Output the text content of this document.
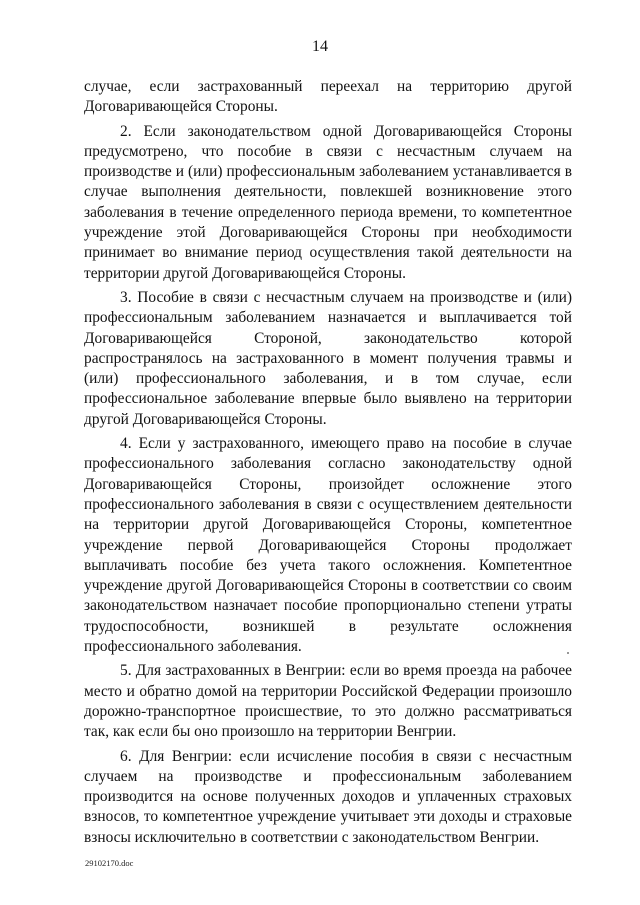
14

случае, если застрахованный переехал на территорию другой Договаривающейся Стороны.

2. Если законодательством одной Договаривающейся Стороны предусмотрено, что пособие в связи с несчастным случаем на производстве и (или) профессиональным заболеванием устанавливается в случае выполнения деятельности, повлекшей возникновение этого заболевания в течение определенного периода времени, то компетентное учреждение этой Договаривающейся Стороны при необходимости принимает во внимание период осуществления такой деятельности на территории другой Договаривающейся Стороны.

3. Пособие в связи с несчастным случаем на производстве и (или) профессиональным заболеванием назначается и выплачивается той Договаривающейся Стороной, законодательство которой распространялось на застрахованного в момент получения травмы и (или) профессионального заболевания, и в том случае, если профессиональное заболевание впервые было выявлено на территории другой Договаривающейся Стороны.

4. Если у застрахованного, имеющего право на пособие в случае профессионального заболевания согласно законодательству одной Договаривающейся Стороны, произойдет осложнение этого профессионального заболевания в связи с осуществлением деятельности на территории другой Договаривающейся Стороны, компетентное учреждение первой Договаривающейся Стороны продолжает выплачивать пособие без учета такого осложнения. Компетентное учреждение другой Договаривающейся Стороны в соответствии со своим законодательством назначает пособие пропорционально степени утраты трудоспособности, возникшей в результате осложнения профессионального заболевания.

5. Для застрахованных в Венгрии: если во время проезда на рабочее место и обратно домой на территории Российской Федерации произошло дорожно-транспортное происшествие, то это должно рассматриваться так, как если бы оно произошло на территории Венгрии.

6. Для Венгрии: если исчисление пособия в связи с несчастным случаем на производстве и профессиональным заболеванием производится на основе полученных доходов и уплаченных страховых взносов, то компетентное учреждение учитывает эти доходы и страховые взносы исключительно в соответствии с законодательством Венгрии.

29102170.doc
